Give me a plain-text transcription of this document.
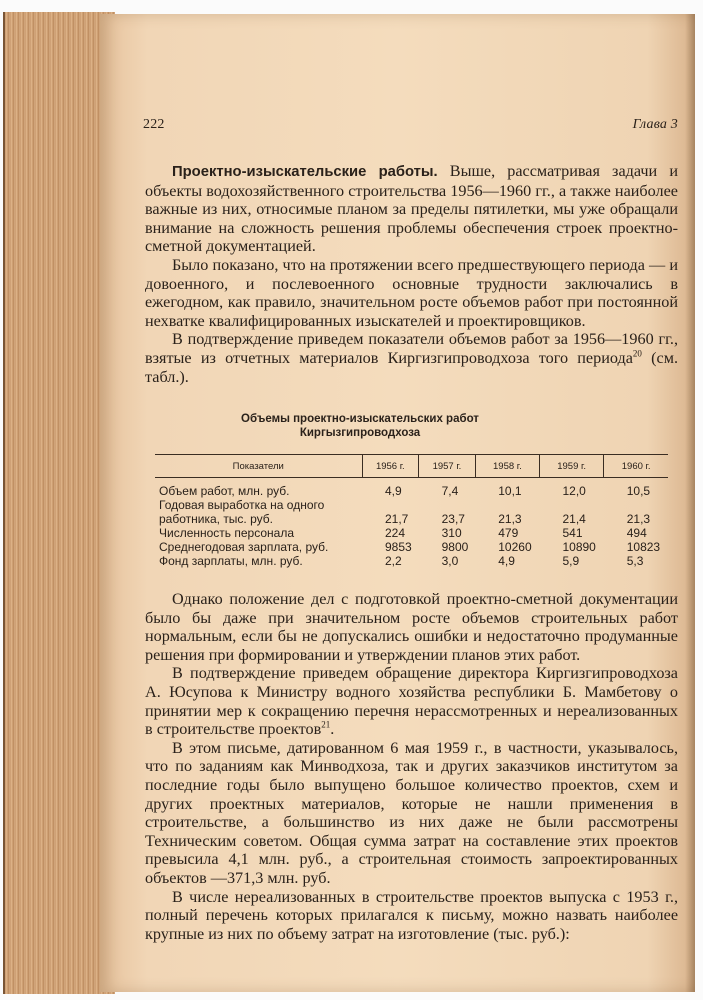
222	Глава 3

Проектно-изыскательские работы. Выше, рассматривая задачи и объекты водохозяйственного строительства 1956—1960 гг., а также наиболее важные из них, относимые планом за пределы пятилетки, мы уже обращали внимание на сложность решения проблемы обеспечения строек проектно-сметной документацией.

Было показано, что на протяжении всего предшествующего периода — и довоенного, и послевоенного основные трудности заключались в ежегодном, как правило, значительном росте объемов работ при постоянной нехватке квалифицированных изыскателей и проектировщиков.

В подтверждение приведем показатели объемов работ за 1956—1960 гг., взятые из отчетных материалов Киргизгипроводхоза того периода$^{20}$ (см. табл.).

Объемы проектно-изыскательских работ
Киргызгипроводхоза
Показатели	1956 г.	1957 г.	1958 г.	1959 г.	1960 г.
Объем работ, млн. руб.	4,9	7,4	10,1	12,0	10,5
Годовая выработка на одного					
работника, тыс. руб.	21,7	23,7	21,3	21,4	21,3
Численность персонала	224	310	479	541	494
Среднегодовая зарплата, руб.	9853	9800	10260	10890	10823
Фонд зарплаты, млн. руб.	2,2	3,0	4,9	5,9	5,3

Однако положение дел с подготовкой проектно-сметной документации было бы даже при значительном росте объемов строительных работ нормальным, если бы не допускались ошибки и недостаточно продуманные решения при формировании и утверждении планов этих работ.

В подтверждение приведем обращение директора Киргизгипроводхоза А. Юсупова к Министру водного хозяйства республики Б. Мамбетову о принятии мер к сокращению перечня нерассмотренных и нереализованных в строительстве проектов$^{21}$.

В этом письме, датированном 6 мая 1959 г., в частности, указывалось, что по заданиям как Минводхоза, так и других заказчиков институтом за последние годы было выпущено большое количество проектов, схем и других проектных материалов, которые не нашли применения в строительстве, а большинство из них даже не были рассмотрены Техническим советом. Общая сумма затрат на составление этих проектов превысила 4,1 млн. руб., а строительная стоимость запроектированных объектов —371,3 млн. руб.

В числе нереализованных в строительстве проектов выпуска с 1953 г., полный перечень которых прилагался к письму, можно назвать наиболее крупные из них по объему затрат на изготовление (тыс. руб.):
